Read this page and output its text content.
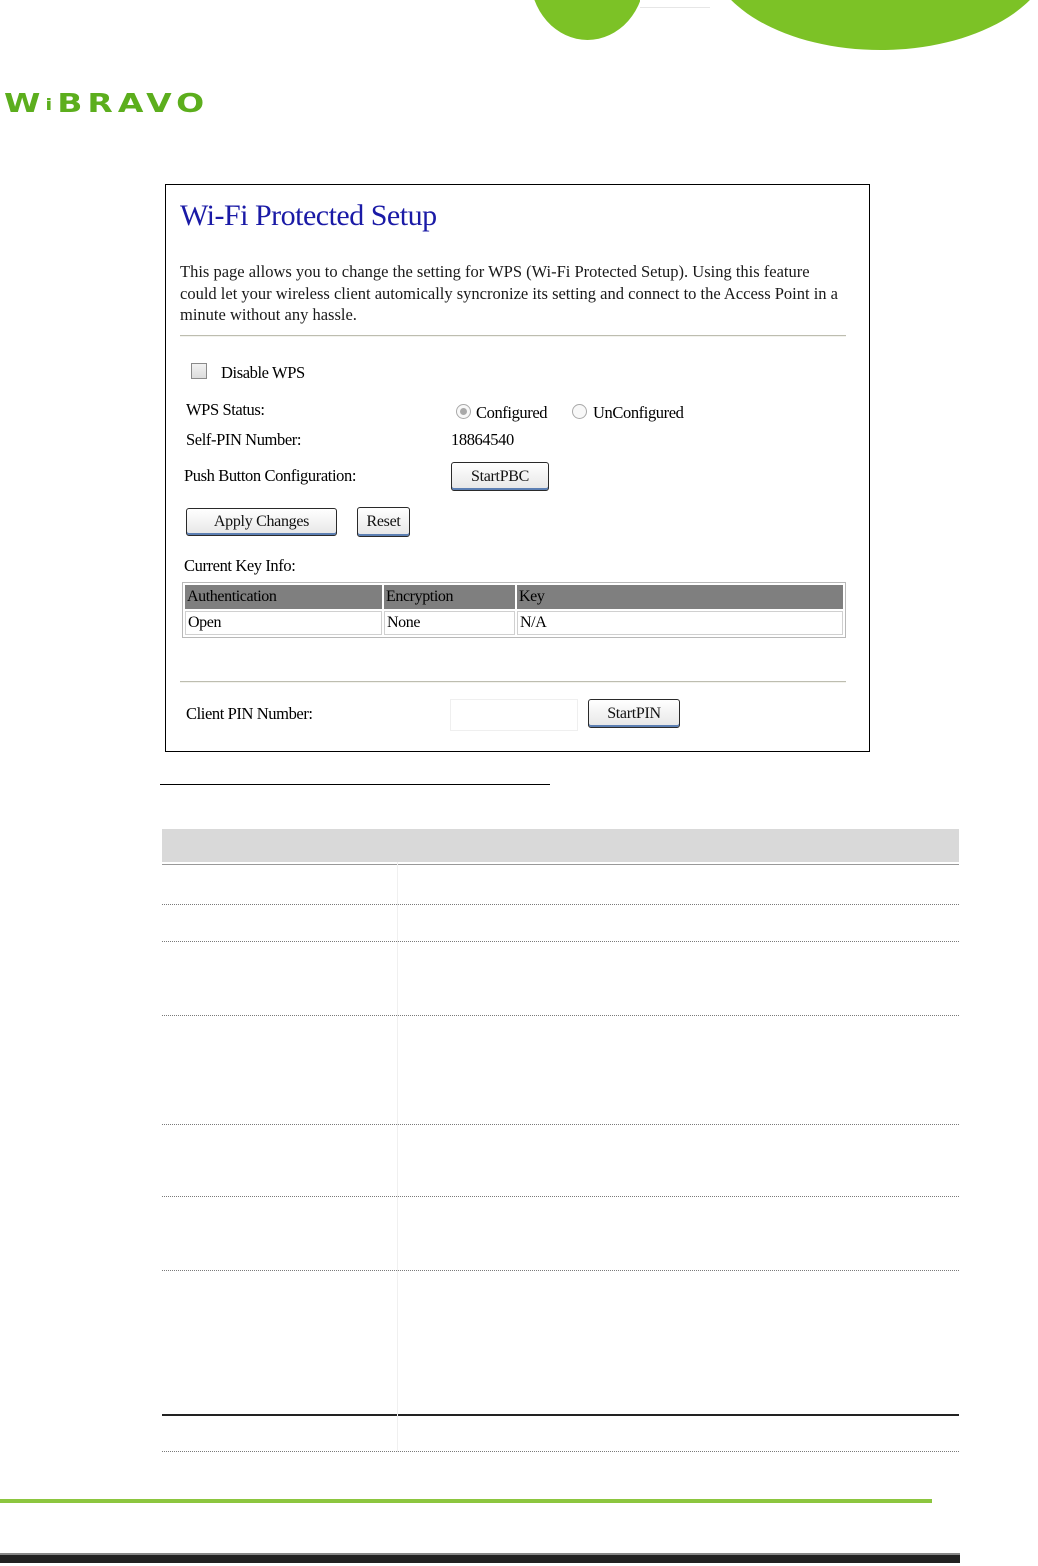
WiBRAVO
Wi-Fi Protected Setup
This page allows you to change the setting for WPS (Wi-Fi Protected Setup). Using this feature could let your wireless client automically syncronize its setting and connect to the Access Point in a minute without any hassle.
Disable WPS
WPS Status:	Configured	UnConfigured
Self-PIN Number:	18864540
Push Button Configuration:	StartPBC
Apply Changes	Reset
Current Key Info:
Authentication	Encryption	Key
Open	None	N/A
Client PIN Number:	StartPIN
